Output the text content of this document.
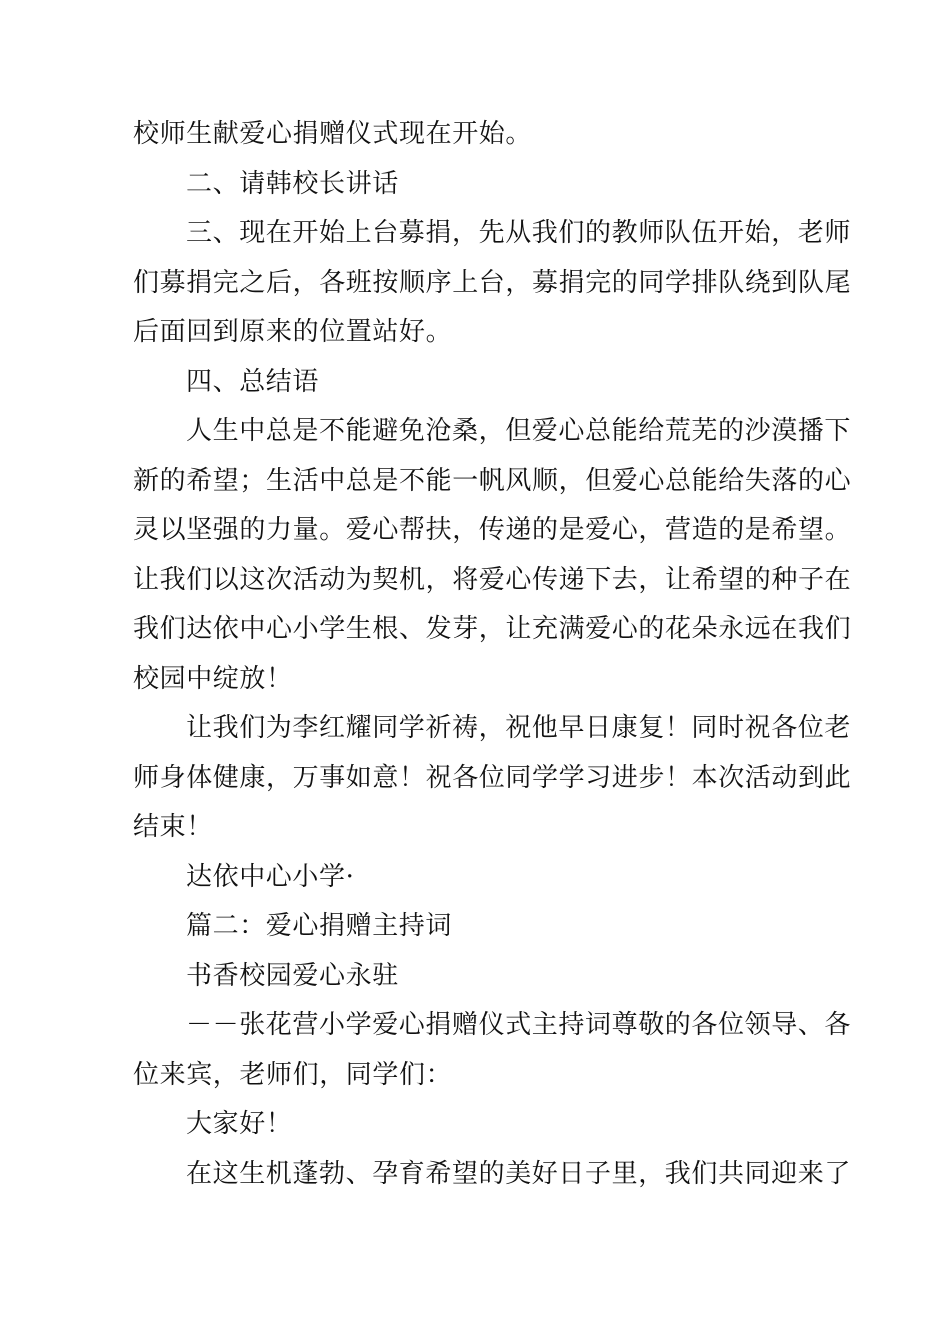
校师生献爱心捐赠仪式现在开始。
二、请韩校长讲话
三、现在开始上台募捐，先从我们的教师队伍开始，老师
们募捐完之后，各班按顺序上台，募捐完的同学排队绕到队尾
后面回到原来的位置站好。
四、总结语
人生中总是不能避免沧桑，但爱心总能给荒芜的沙漠播下
新的希望；生活中总是不能一帆风顺，但爱心总能给失落的心
灵以坚强的力量。爱心帮扶，传递的是爱心，营造的是希望。
让我们以这次活动为契机，将爱心传递下去，让希望的种子在
我们达依中心小学生根、发芽，让充满爱心的花朵永远在我们
校园中绽放！
让我们为李红耀同学祈祷，祝他早日康复！同时祝各位老
师身体健康，万事如意！祝各位同学学习进步！本次活动到此
结束！
达依中心小学·
篇二：爱心捐赠主持词
书香校园爱心永驻
－－张花营小学爱心捐赠仪式主持词尊敬的各位领导、各
位来宾，老师们，同学们：
大家好！
在这生机蓬勃、孕育希望的美好日子里，我们共同迎来了
